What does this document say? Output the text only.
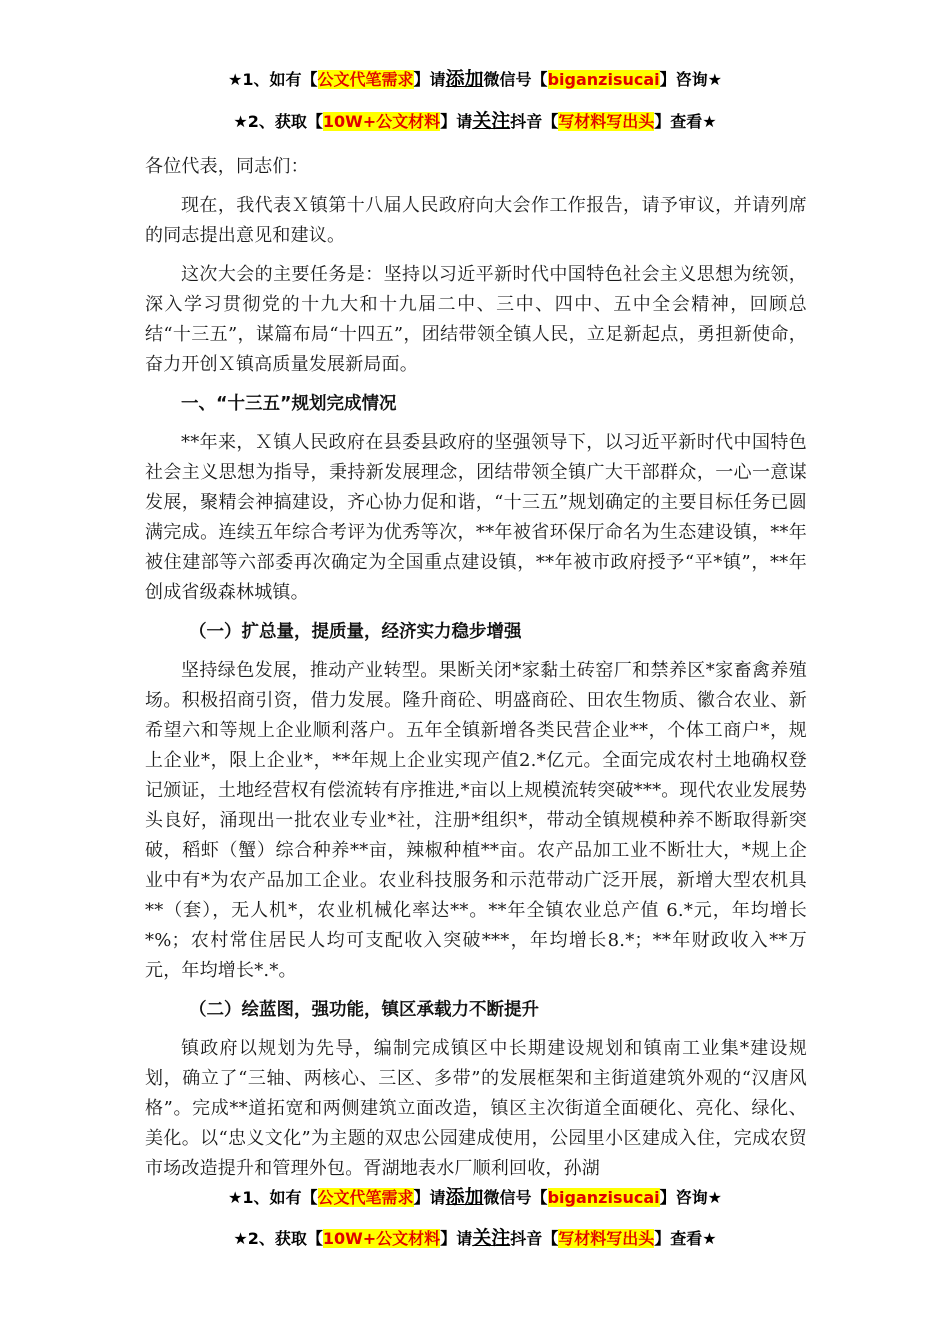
★1、如有【公文代笔需求】请添加微信号【biganzisucai】咨询★
★2、获取【10W+公文材料】请关注抖音【写材料写出头】查看★

各位代表，同志们：

现在，我代表Ｘ镇第十八届人民政府向大会作工作报告，请予审议，并请列席的同志提出意见和建议。

这次大会的主要任务是：坚持以习近平新时代中国特色社会主义思想为统领，深入学习贯彻党的十九大和十九届二中、三中、四中、五中全会精神，回顾总结“十三五”，谋篇布局“十四五”，团结带领全镇人民，立足新起点，勇担新使命，奋力开创Ｘ镇高质量发展新局面。

一、“十三五”规划完成情况

**年来，Ｘ镇人民政府在县委县政府的坚强领导下，以习近平新时代中国特色社会主义思想为指导，秉持新发展理念，团结带领全镇广大干部群众，一心一意谋发展，聚精会神搞建设，齐心协力促和谐，“十三五”规划确定的主要目标任务已圆满完成。连续五年综合考评为优秀等次，**年被省环保厅命名为生态建设镇，**年被住建部等六部委再次确定为全国重点建设镇，**年被市政府授予“平*镇”，**年创成省级森林城镇。

（一）扩总量，提质量，经济实力稳步增强

坚持绿色发展，推动产业转型。果断关闭*家黏土砖窑厂和禁养区*家畜禽养殖场。积极招商引资，借力发展。隆升商砼、明盛商砼、田农生物质、徽合农业、新希望六和等规上企业顺利落户。五年全镇新增各类民营企业**，个体工商户*，规上企业*，限上企业*，**年规上企业实现产值2.*亿元。全面完成农村土地确权登记颁证，土地经营权有偿流转有序推进,*亩以上规模流转突破***。现代农业发展势头良好，涌现出一批农业专业*社，注册*组织*，带动全镇规模种养不断取得新突破，稻虾（蟹）综合种养**亩，辣椒种植**亩。农产品加工业不断壮大，*规上企业中有*为农产品加工企业。农业科技服务和示范带动广泛开展，新增大型农机具**（套），无人机*，农业机械化率达**。**年全镇农业总产值 6.*元，年均增长*%；农村常住居民人均可支配收入突破***，年均增长8.*；**年财政收入**万元，年均增长*.*。

（二）绘蓝图，强功能，镇区承载力不断提升

镇政府以规划为先导，编制完成镇区中长期建设规划和镇南工业集*建设规划，确立了“三轴、两核心、三区、多带”的发展框架和主街道建筑外观的“汉唐风格”。完成**道拓宽和两侧建筑立面改造，镇区主次街道全面硬化、亮化、绿化、美化。以“忠义文化”为主题的双忠公园建成使用，公园里小区建成入住，完成农贸市场改造提升和管理外包。胥湖地表水厂顺利回收，孙湖

★1、如有【公文代笔需求】请添加微信号【biganzisucai】咨询★
★2、获取【10W+公文材料】请关注抖音【写材料写出头】查看★
